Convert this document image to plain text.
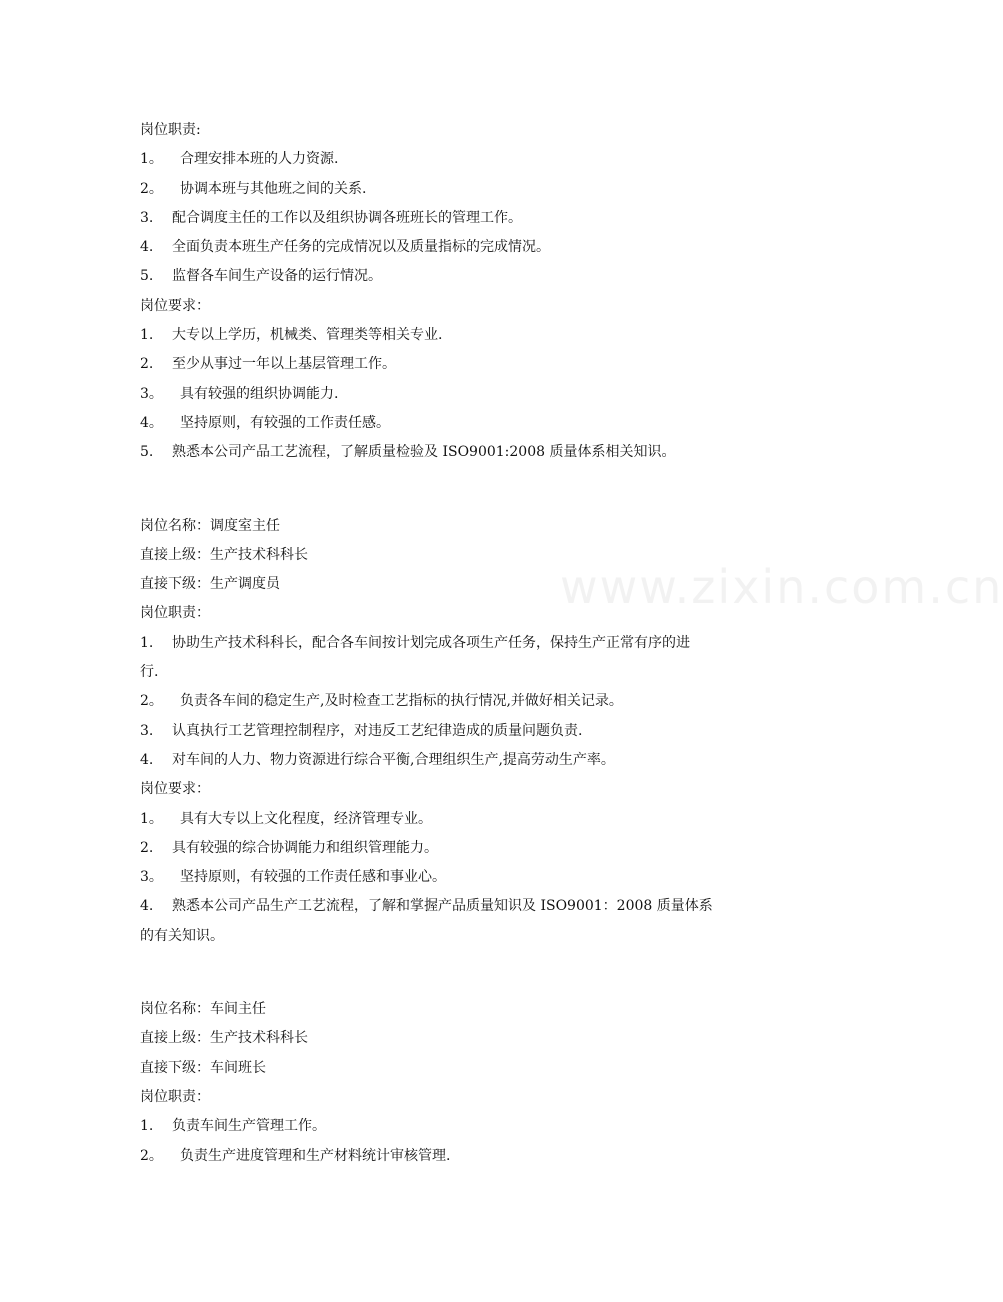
www.zixin.com.cn
岗位职责:
1。	合理安排本班的人力资源.
2。	协调本班与其他班之间的关系.
3.	配合调度主任的工作以及组织协调各班班长的管理工作。
4.	全面负责本班生产任务的完成情况以及质量指标的完成情况。
5.	监督各车间生产设备的运行情况。
岗位要求：
1.	大专以上学历，机械类、管理类等相关专业.
2.	至少从事过一年以上基层管理工作。
3。	具有较强的组织协调能力.
4。	坚持原则，有较强的工作责任感。
5.	熟悉本公司产品工艺流程，了解质量检验及 ISO9001:2008 质量体系相关知识。
岗位名称：调度室主任
直接上级：生产技术科科长
直接下级：生产调度员
岗位职责：
1.	协助生产技术科科长，配合各车间按计划完成各项生产任务，保持生产正常有序的进
行.
2。	负责各车间的稳定生产,及时检查工艺指标的执行情况,并做好相关记录。
3.	认真执行工艺管理控制程序，对违反工艺纪律造成的质量问题负责.
4.	对车间的人力、物力资源进行综合平衡,合理组织生产,提高劳动生产率。
岗位要求：
1。	具有大专以上文化程度，经济管理专业。
2.	具有较强的综合协调能力和组织管理能力。
3。	坚持原则，有较强的工作责任感和事业心。
4.	熟悉本公司产品生产工艺流程，了解和掌握产品质量知识及 ISO9001：2008 质量体系
的有关知识。
岗位名称：车间主任
直接上级：生产技术科科长
直接下级：车间班长
岗位职责：
1.	负责车间生产管理工作。
2。	负责生产进度管理和生产材料统计审核管理.
